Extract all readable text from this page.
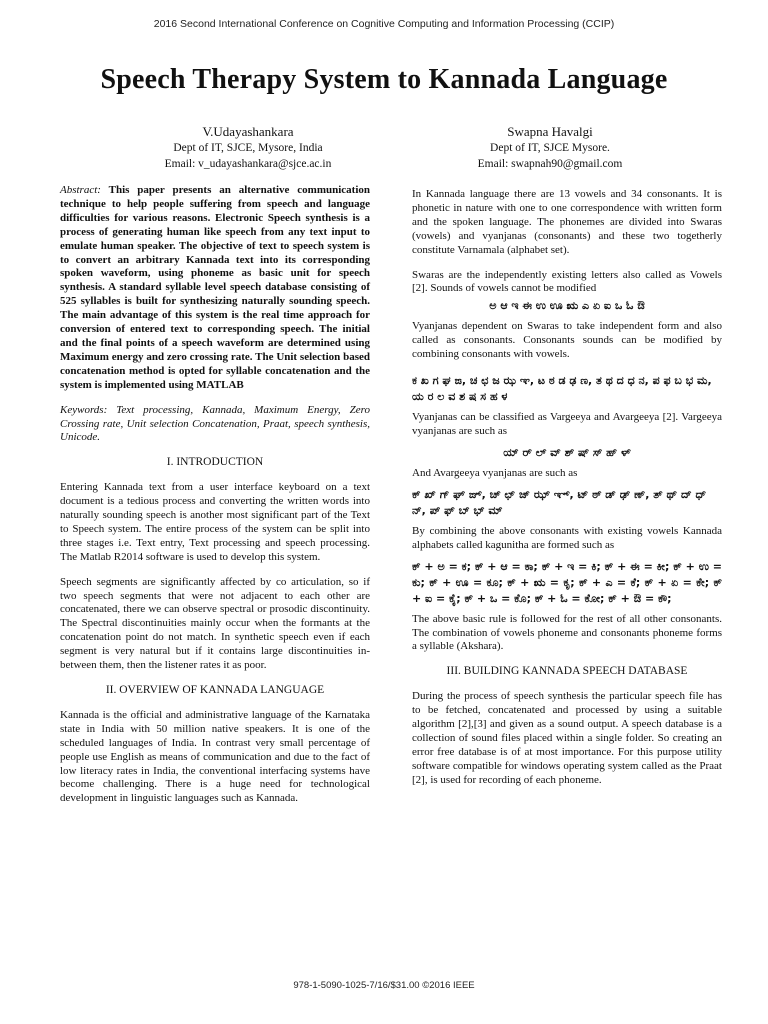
2016 Second International Conference on Cognitive Computing and Information Processing (CCIP)
Speech Therapy System to Kannada Language
V.Udayashankara
Dept of IT, SJCE, Mysore, India
Email: v_udayashankara@sjce.ac.in
Swapna Havalgi
Dept of IT, SJCE Mysore.
Email: swapnah90@gmail.com

Abstract: This paper presents an alternative communication technique to help people suffering from speech and language difficulties for various reasons. Electronic Speech synthesis is a process of generating human like speech from any text input to emulate human speaker. The objective of text to speech system is to convert an arbitrary Kannada text into its corresponding spoken waveform, using phoneme as basic unit for speech synthesis. A standard syllable level speech database consisting of 525 syllables is built for synthesizing naturally sounding speech. The main advantage of this system is the real time approach for conversion of entered text to corresponding speech. The initial and the final points of a speech waveform are determined using Maximum energy and zero crossing rate. The Unit selection based concatenation method is opted for syllable concatenation and the system is implemented using MATLAB

Keywords: Text processing, Kannada, Maximum Energy, Zero Crossing rate, Unit selection Concatenation, Praat, speech synthesis, Unicode.

I. INTRODUCTION

Entering Kannada text from a user interface keyboard on a text document is a tedious process and converting the written words into naturally sounding speech is another most significant part of the Text to Speech system. The entire process of the system can be split into three stages i.e. Text entry, Text processing and speech processing. The Matlab R2014 software is used to develop this system.

Speech segments are significantly affected by co articulation, so if two speech segments that were not adjacent to each other are concatenated, there we can observe spectral or prosodic discontinuity. The Spectral discontinuities mainly occur when the formants at the concatenation point do not match. In synthetic speech even if each segment is very natural but if it contains large discontinuities in-between them, then the listener rates it as poor.

II. OVERVIEW OF KANNADA LANGUAGE

Kannada is the official and administrative language of the Karnataka state in India with 50 million native speakers. It is one of the scheduled languages of India. In contrast very small percentage of people use English as means of communication and due to the fact of low literacy rates in India, the conventional interfacing systems have become challenging. There is a huge need for technological development in linguistic languages such as Kannada.

In Kannada language there are 13 vowels and 34 consonants. It is phonetic in nature with one to one correspondence with written form and the spoken language. The phonemes are divided into Swaras (vowels) and vyanjanas (consonants) and these two togetherly constitute Varnamala (alphabet set).

Swaras are the independently existing letters also called as Vowels [2]. Sounds of vowels cannot be modified

ಅ ಆ ಇ ಈ ಉ ಊ ಋ ಎ ಏ ಐ ಒ ಓ ಔ

Vyanjanas dependent on Swaras to take independent form and also called as consonants. Consonants sounds can be modified by combining consonants with vowels.

ಕ ಖ ಗ ಘ ಙ, ಚ ಛ ಜ ಝ ಞ, ಟ ಠ ಡ ಢ ಣ, ತ ಥ ದ ಧ ನ, ಪ ಫ ಬ ಭ ಮ, ಯ ರ ಲ ವ ಶ ಷ ಸ ಹ ಳ

Vyanjanas can be classified as Vargeeya and Avargeeya [2]. Vargeeya vyanjanas are such as

ಯ್ ರ್ ಲ್ ವ್ ಶ್ ಷ್ ಸ್ ಹ್ ಳ್

And Avargeeya vyanjanas are such as

ಕ್ ಖ್ ಗ್ ಘ್ ಙ್, ಚ್ ಛ್ ಜ್ ಝ್ ಞ್, ಟ್ ಠ್ ಡ್ ಢ್ ಣ್, ತ್ ಥ್ ದ್ ಧ್ ನ್, ಪ್ ಫ್ ಬ್ ಭ್ ಮ್

By combining the above consonants with existing vowels Kannada alphabets called kagunitha are formed such as

ಕ್ + ಅ = ಕ; ಕ್ + ಆ = ಕಾ; ಕ್ + ಇ = ಕಿ; ಕ್ + ಈ = ಕೀ; ಕ್ + ಉ = ಕು; ಕ್ + ಊ = ಕೂ; ಕ್ + ಋ = ಕೃ; ಕ್ + ಎ = ಕೆ; ಕ್ + ಏ = ಕೇ; ಕ್ + ಐ = ಕೈ; ಕ್ + ಒ = ಕೊ; ಕ್ + ಓ = ಕೋ; ಕ್ + ಔ = ಕೌ;

The above basic rule is followed for the rest of all other consonants. The combination of vowels phoneme and consonants phoneme forms a syllable (Akshara).

III. BUILDING KANNADA SPEECH DATABASE

During the process of speech synthesis the particular speech file has to be fetched, concatenated and processed by using a suitable algorithm [2],[3] and given as a sound output. A speech database is a collection of sound files placed within a single folder. So creating an error free database is of at most importance. For this purpose utility software compatible for windows operating system called as the Praat [2], is used for recording of each phoneme.

978-1-5090-1025-7/16/$31.00 ©2016 IEEE
